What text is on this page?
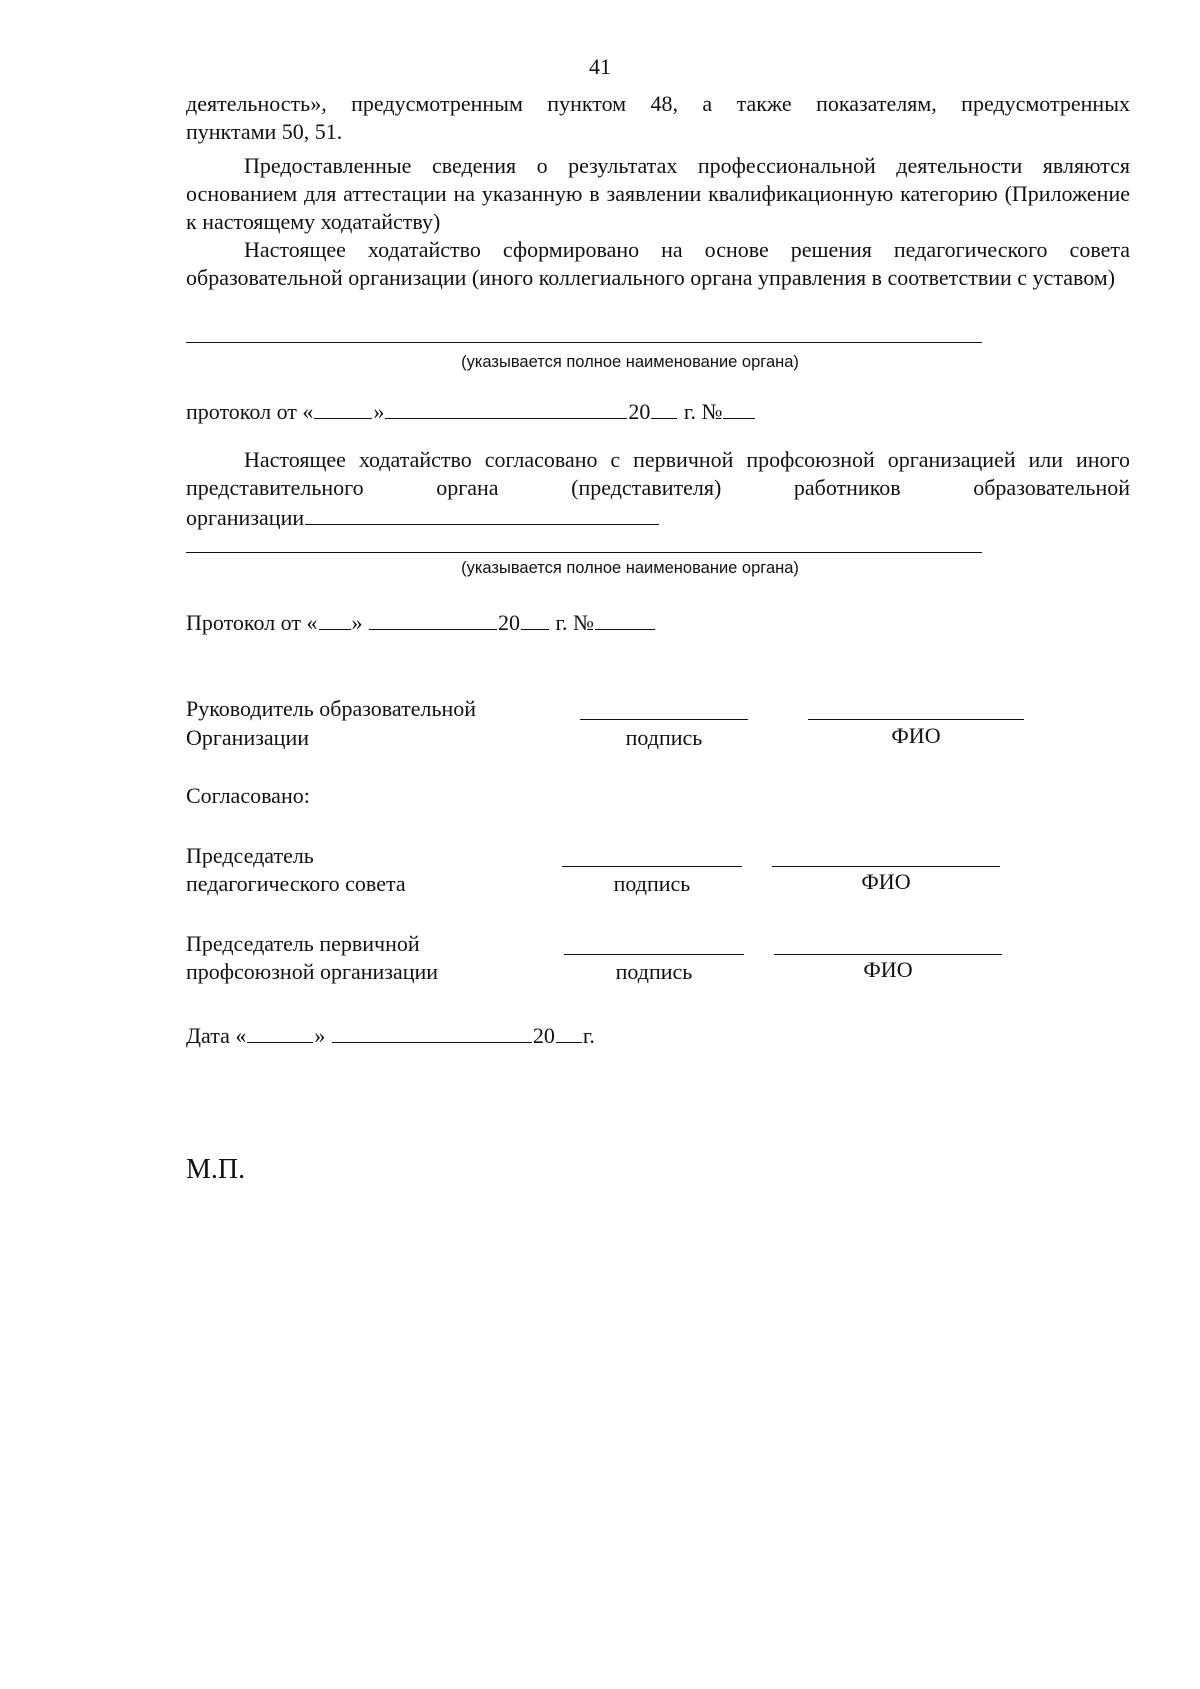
41
деятельность», предусмотренным пунктом 48, а также показателям, предусмотренных
пунктами 50, 51.
Предоставленные сведения о результатах профессиональной деятельности являются основанием для аттестации на указанную в заявлении квалификационную категорию (Приложение к настоящему ходатайству)
Настоящее ходатайство сформировано на основе решения педагогического совета образовательной организации (иного коллегиального органа управления в соответствии с уставом)
(указывается полное наименование органа)
протокол от «	»	20 г. №
Настоящее ходатайство согласовано с первичной профсоюзной организацией или иного представительного органа (представителя) работников образовательной
организации
(указывается полное наименование органа)
Протокол от « »	20 г. №
Руководитель образовательной
Организации	подпись	ФИО
Согласовано:
Председатель
педагогического совета	подпись	ФИО
Председатель первичной
профсоюзной организации	подпись	ФИО
Дата «	»	20 г.
М.П.
